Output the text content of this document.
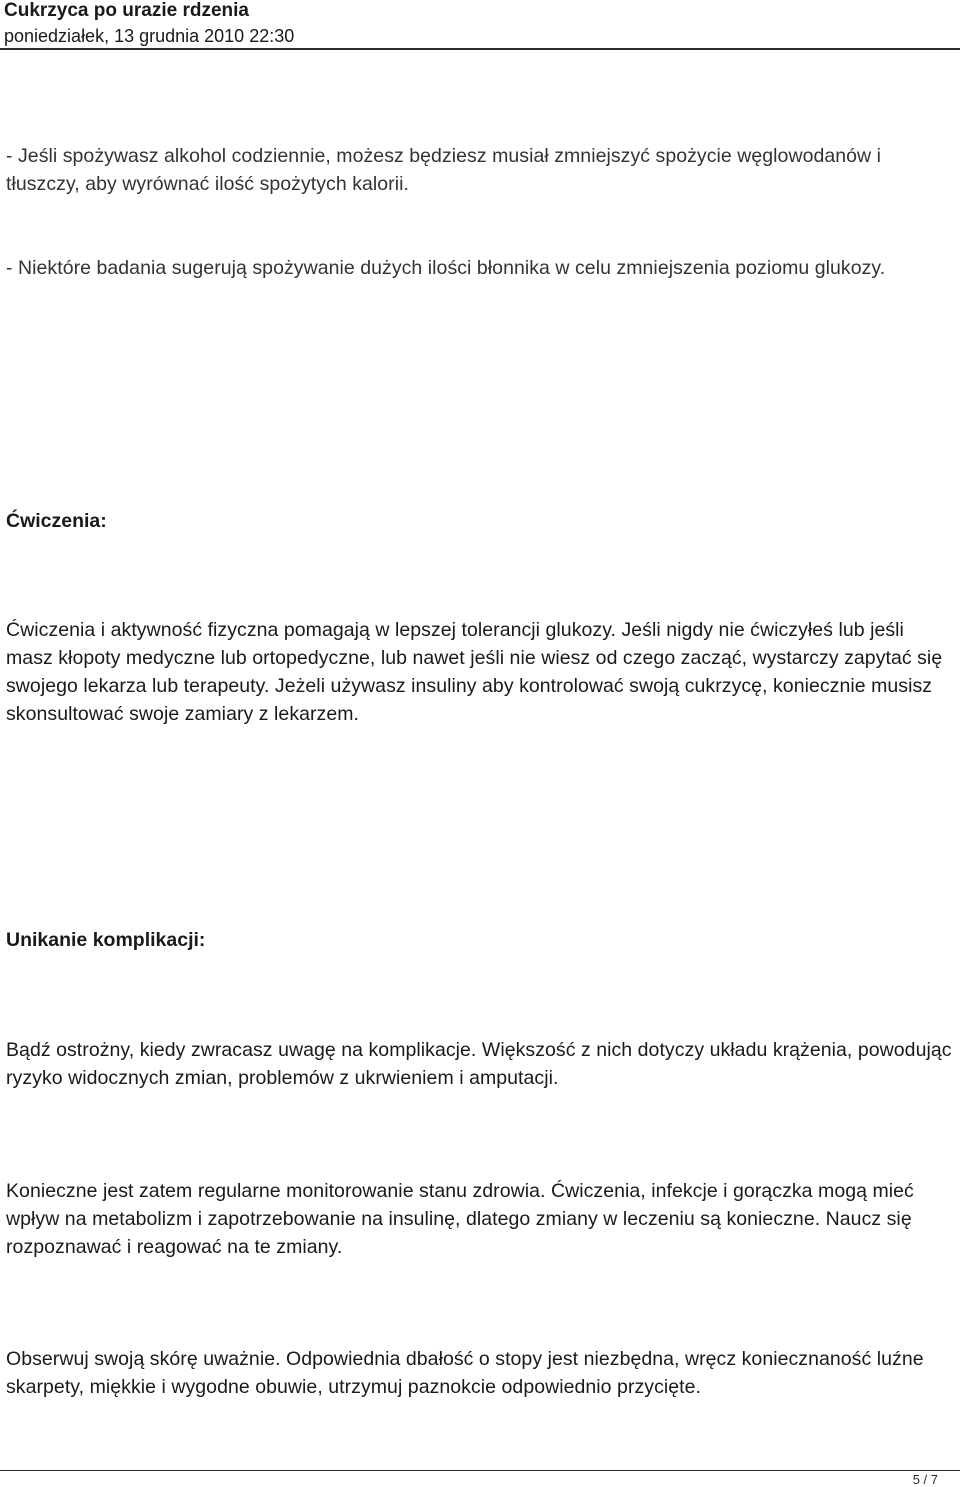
Cukrzyca po urazie rdzenia
poniedziałek, 13 grudnia 2010 22:30

- Jeśli spożywasz alkohol codziennie, możesz będziesz musiał zmniejszyć spożycie węglowodanów i tłuszczy, aby wyrównać ilość spożytych kalorii.

- Niektóre badania sugerują spożywanie dużych ilości błonnika w celu zmniejszenia poziomu glukozy.

Ćwiczenia:

Ćwiczenia i aktywność fizyczna pomagają w lepszej tolerancji glukozy. Jeśli nigdy nie ćwiczyłeś lub jeśli masz kłopoty medyczne lub ortopedyczne, lub nawet jeśli nie wiesz od czego zacząć, wystarczy zapytać się swojego lekarza lub terapeuty. Jeżeli używasz insuliny aby kontrolować swoją cukrzycę, koniecznie musisz skonsultować swoje zamiary z lekarzem.

Unikanie komplikacji:

Bądź ostrożny, kiedy zwracasz uwagę na komplikacje. Większość z nich dotyczy układu krążenia, powodując ryzyko widocznych zmian, problemów z ukrwieniem i amputacji.

Konieczne jest zatem regularne monitorowanie stanu zdrowia. Ćwiczenia, infekcje i gorączka mogą mieć wpływ na metabolizm i zapotrzebowanie na insulinę, dlatego zmiany w leczeniu są konieczne. Naucz się rozpoznawać i reagować na te zmiany.

Obserwuj swoją skórę uważnie. Odpowiednia dbałość o stopy jest niezbędna, wręcz koniecznaność luźne skarpety, miękkie i wygodne obuwie, utrzymuj paznokcie odpowiednio przycięte.

5 / 7
